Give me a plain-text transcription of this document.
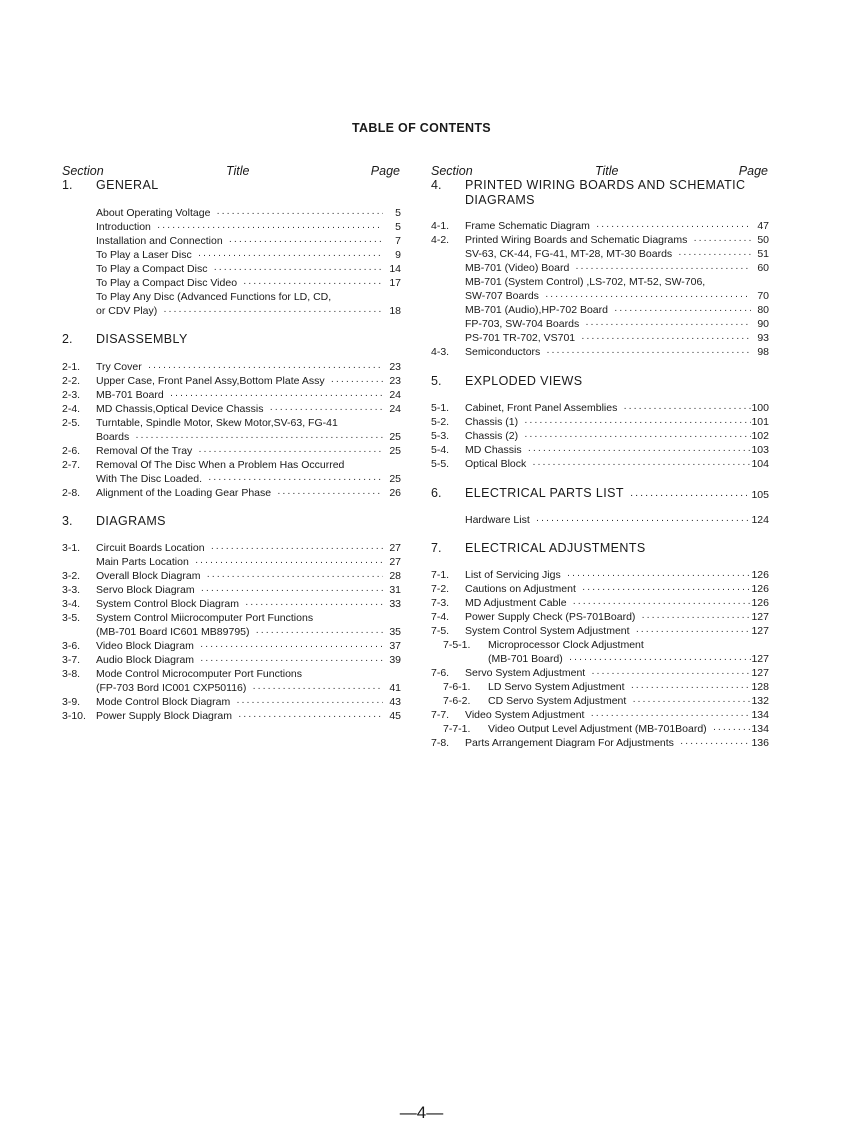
TABLE OF CONTENTS
Section	Title	Page
1. GENERAL
About Operating Voltage ·····	5
Introduction ·····	5
Installation and Connection ·····	7
To Play a Laser Disc ·····	9
To Play a Compact Disc ·····	14
To Play a Compact Disc Video ·····	17
To Play Any Disc (Advanced Functions for LD, CD,
or CDV Play) ·····	18
2. DISASSEMBLY
2-1. Try Cover ·····	23
2-2. Upper Case, Front Panel Assy,Bottom Plate Assy ·····	23
2-3. MB-701 Board ·····	24
2-4. MD Chassis,Optical Device Chassis ·····	24
2-5. Turntable, Spindle Motor, Skew Motor,SV-63, FG-41
Boards ·····	25
2-6. Removal Of the Tray ·····	25
2-7. Removal Of The Disc When a Problem Has Occurred
With The Disc Loaded. ·····	25
2-8. Alignment of the Loading Gear Phase ·····	26
3. DIAGRAMS
3-1. Circuit Boards Location ·····	27
Main Parts Location ·····	27
3-2. Overall Block Diagram ·····	28
3-3. Servo Block Diagram ·····	31
3-4. System Control Block Diagram ·····	33
3-5. System Control Miicrocomputer Port Functions
(MB-701 Board IC601 MB89795) ·····	35
3-6. Video Block Diagram ·····	37
3-7. Audio Block Diagram ·····	39
3-8. Mode Control Microcomputer Port Functions
(FP-703 Bord IC001 CXP50116) ·····	41
3-9. Mode Control Block Diagram ·····	43
3-10. Power Supply Block Diagram ·····	45
Section	Title	Page
4. PRINTED WIRING BOARDS AND SCHEMATIC
DIAGRAMS
4-1. Frame Schematic Diagram ·····	47
4-2. Printed Wiring Boards and Schematic Diagrams ·····	50
SV-63, CK-44, FG-41, MT-28, MT-30 Boards ·····	51
MB-701 (Video) Board ·····	60
MB-701 (System Control) ,LS-702, MT-52, SW-706,
SW-707 Boards ·····	70
MB-701 (Audio),HP-702 Board ·····	80
FP-703, SW-704 Boards ·····	90
PS-701 TR-702, VS701 ·····	93
4-3. Semiconductors ·····	98
5. EXPLODED VIEWS
5-1. Cabinet, Front Panel Assemblies ·····	100
5-2. Chassis (1) ·····	101
5-3. Chassis (2) ·····	102
5-4. MD Chassis ·····	103
5-5. Optical Block ·····	104
6. ELECTRICAL PARTS LIST ·····	105
Hardware List ·····	124
7. ELECTRICAL ADJUSTMENTS
7-1. List of Servicing Jigs ·····	126
7-2. Cautions on Adjustment ·····	126
7-3. MD Adjustment Cable ·····	126
7-4. Power Supply Check (PS-701Board) ·····	127
7-5. System Control System Adjustment ·····	127
7-5-1. Microprocessor Clock Adjustment
(MB-701 Board) ·····	127
7-6. Servo System Adjustment ·····	127
7-6-1. LD Servo System Adjustment ·····	128
7-6-2. CD Servo System Adjustment ·····	132
7-7. Video System Adjustment ·····	134
7-7-1. Video Output Level Adjustment (MB-701Board) ·····	134
7-8. Parts Arrangement Diagram For Adjustments ·····	136
—4—
